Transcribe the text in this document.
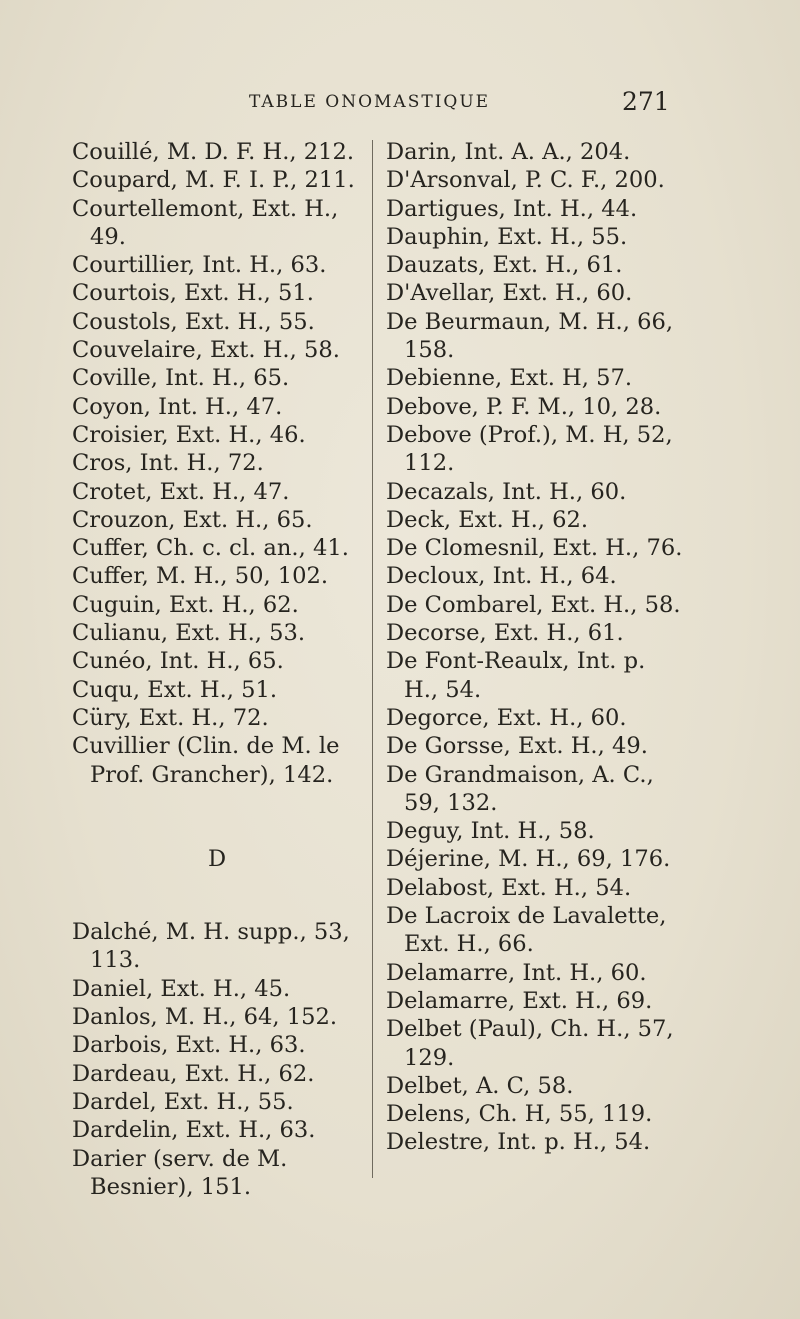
TABLE ONOMASTIQUE	271

Couillé, M. D. F. H., 212.

Coupard, M. F. I. P., 211.

Courtellemont, Ext. H., 49.

Courtillier, Int. H., 63.

Courtois, Ext. H., 51.

Coustols, Ext. H., 55.

Couvelaire, Ext. H., 58.

Coville, Int. H., 65.

Coyon, Int. H., 47.

Croisier, Ext. H., 46.

Cros, Int. H., 72.

Crotet, Ext. H., 47.

Crouzon, Ext. H., 65.

Cuffer, Ch. c. cl. an., 41.

Cuffer, M. H., 50, 102.

Cuguin, Ext. H., 62.

Culianu, Ext. H., 53.

Cunéo, Int. H., 65.

Cuqu, Ext. H., 51.

Cüry, Ext. H., 72.

Cuvillier (Clin. de M. le Prof. Grancher), 142.

D

Dalché, M. H. supp., 53, 113.

Daniel, Ext. H., 45.

Danlos, M. H., 64, 152.

Darbois, Ext. H., 63.

Dardeau, Ext. H., 62.

Dardel, Ext. H., 55.

Dardelin, Ext. H., 63.

Darier (serv. de M. Besnier), 151.

Darin, Int. A. A., 204.

D'Arsonval, P. C. F., 200.

Dartigues, Int. H., 44.

Dauphin, Ext. H., 55.

Dauzats, Ext. H., 61.

D'Avellar, Ext. H., 60.

De Beurmaun, M. H., 66, 158.

Debienne, Ext. H, 57.

Debove, P. F. M., 10, 28.

Debove (Prof.), M. H, 52, 112.

Decazals, Int. H., 60.

Deck, Ext. H., 62.

De Clomesnil, Ext. H., 76.

Decloux, Int. H., 64.

De Combarel, Ext. H., 58.

Decorse, Ext. H., 61.

De Font-Reaulx, Int. p. H., 54.

Degorce, Ext. H., 60.

De Gorsse, Ext. H., 49.

De Grandmaison, A. C., 59, 132.

Deguy, Int. H., 58.

Déjerine, M. H., 69, 176.

Delabost, Ext. H., 54.

De Lacroix de Lavalette, Ext. H., 66.

Delamarre, Int. H., 60.

Delamarre, Ext. H., 69.

Delbet (Paul), Ch. H., 57, 129.

Delbet, A. C, 58.

Delens, Ch. H, 55, 119.

Delestre, Int. p. H., 54.
